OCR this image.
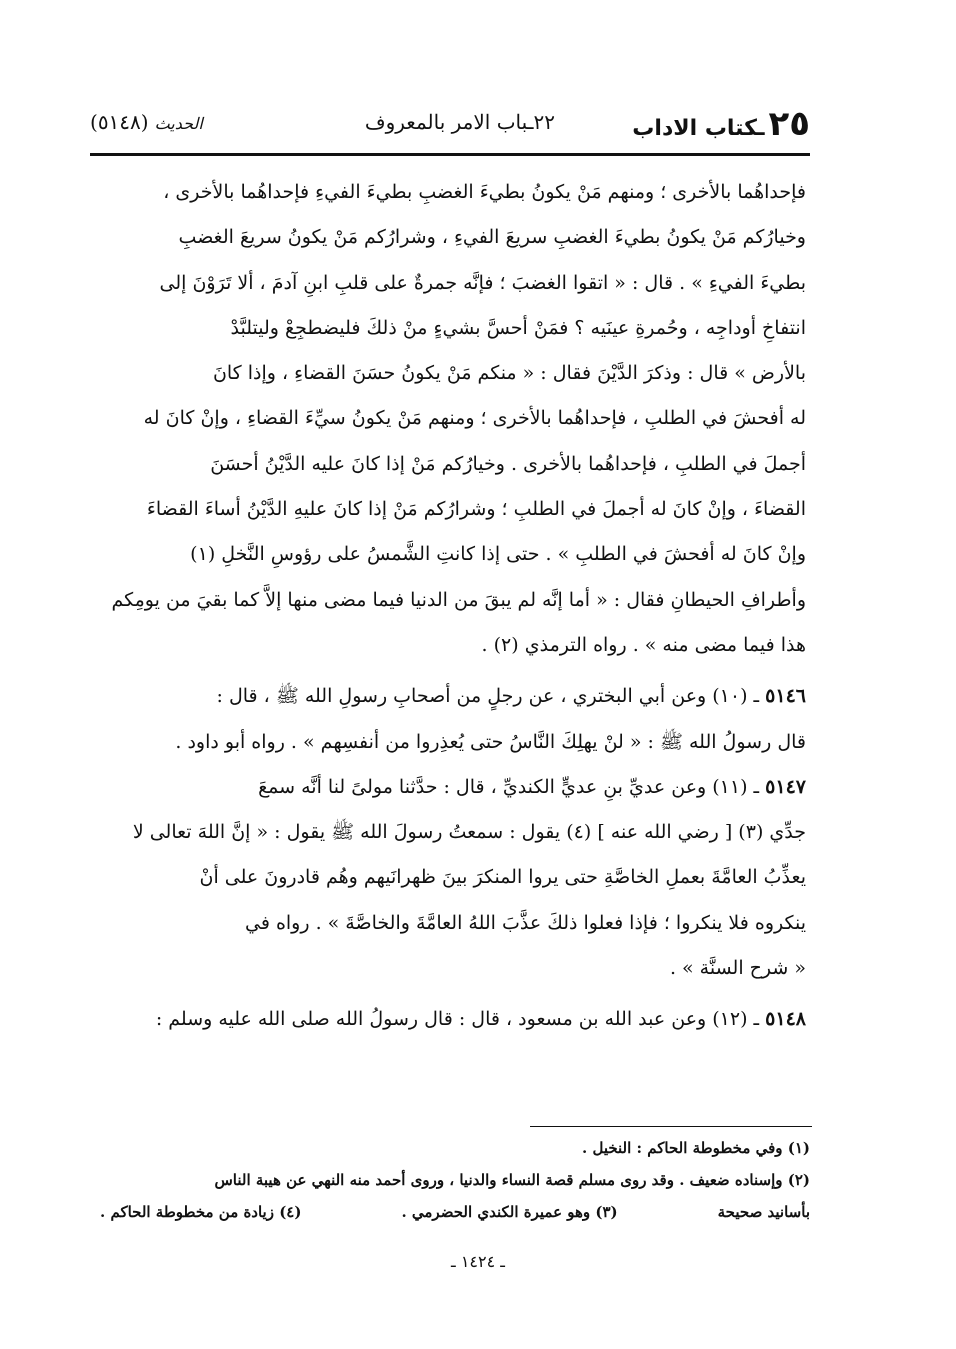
٢٥ـكتاب الاداب
٢٢ـباب الامر بالمعروف
الحديث(٥١٤٨)
فإحداهُما بالأخرى ؛ ومنهم مَنْ يكونُ بطيءَ الغضبِ بطيءَ الفيءِ فإحداهُما بالأخرى ،
وخيارُكم مَنْ يكونُ بطيءَ الغضبِ سريعَ الفيءِ ، وشرارُكم مَنْ يكونُ سريعَ الغضبِ
بطيءَ الفيءِ » . قال : « اتقوا الغضبَ ؛ فإنَّه جمرةٌ على قلبِ ابنِ آدمَ ، ألا تَرَوْنَ إلى
انتفاخِ أوداجِه ، وحُمرةِ عينَيه ؟ فمَنْ أحسَّ بشيءٍ منْ ذلكَ فليضطجِعْ وليتلبَّدْ
بالأرض » قال : وذكرَ الدَّيْنَ فقال : « منكم مَنْ يكونُ حسَنَ القضاءِ ، وإذا كانَ
له أفحشَ في الطلبِ ، فإحداهُما بالأخرى ؛ ومنهم مَنْ يكونُ سيِّءَ القضاءِ ، وإنْ كانَ له
أجملَ في الطلبِ ، فإحداهُما بالأخرى . وخيارُكم مَنْ إذا كانَ عليه الدَّيْنُ أحسَنَ
القضاءَ ، وإنْ كانَ له أجملَ في الطلبِ ؛ وشرارُكم مَنْ إذا كانَ عليهِ الدَّيْنُ أساءَ القضاءَ
وإنْ كانَ له أفحشَ في الطلبِ » . حتى إذا كانتِ الشَّمسُ على رؤوسِ النَّخلِ (١)
وأطرافِ الحيطانِ فقال : « أما إنَّه لم يبقَ من الدنيا فيما مضى منها إلاَّ كما بقيَ من يومِكم
هذا فيما مضى منه » . رواه الترمذي (٢) .
٥١٤٦ ـ (١٠) وعن أبي البختري ، عن رجلٍ من أصحابِ رسولِ الله ﷺ ، قال :
قال رسولُ الله ﷺ : « لنْ يهلِكَ النَّاسُ حتى يُعذِروا من أنفسِهم » . رواه أبو داود .
٥١٤٧ ـ (١١) وعن عديِّ بنِ عديٍّ الكنديِّ ، قال : حدَّثنا مولىً لنا أنَّه سمعَ
جدِّي (٣) [ رضي الله عنه ] (٤) يقول : سمعتُ رسولَ الله ﷺ يقول : « إنَّ اللهَ تعالى لا
يعذِّبُ العامَّةَ بعملِ الخاصَّةِ حتى يروا المنكرَ بينَ ظهرانَيهم وهُم قادرونَ على أنْ
ينكروه فلا ينكروا ؛ فإذا فعلوا ذلكَ عذَّبَ اللهُ العامَّةَ والخاصَّةَ » . رواه في
« شرح السنَّة » .
٥١٤٨ ـ (١٢) وعن عبد الله بن مسعود ، قال : قال رسولُ الله صلى الله عليه وسلم :
(١) وفي مخطوطة الحاكم : النخيل .
(٢) وإسناده ضعيف . وقد روى مسلم قصة النساء والدنيا ، وروى أحمد منه النهي عن هيبة الناس
بأسانيد صحيحة
(٣) وهو عميرة الكندي الحضرمي .
(٤) زيادة من مخطوطة الحاكم .
ـ ١٤٢٤ ـ
